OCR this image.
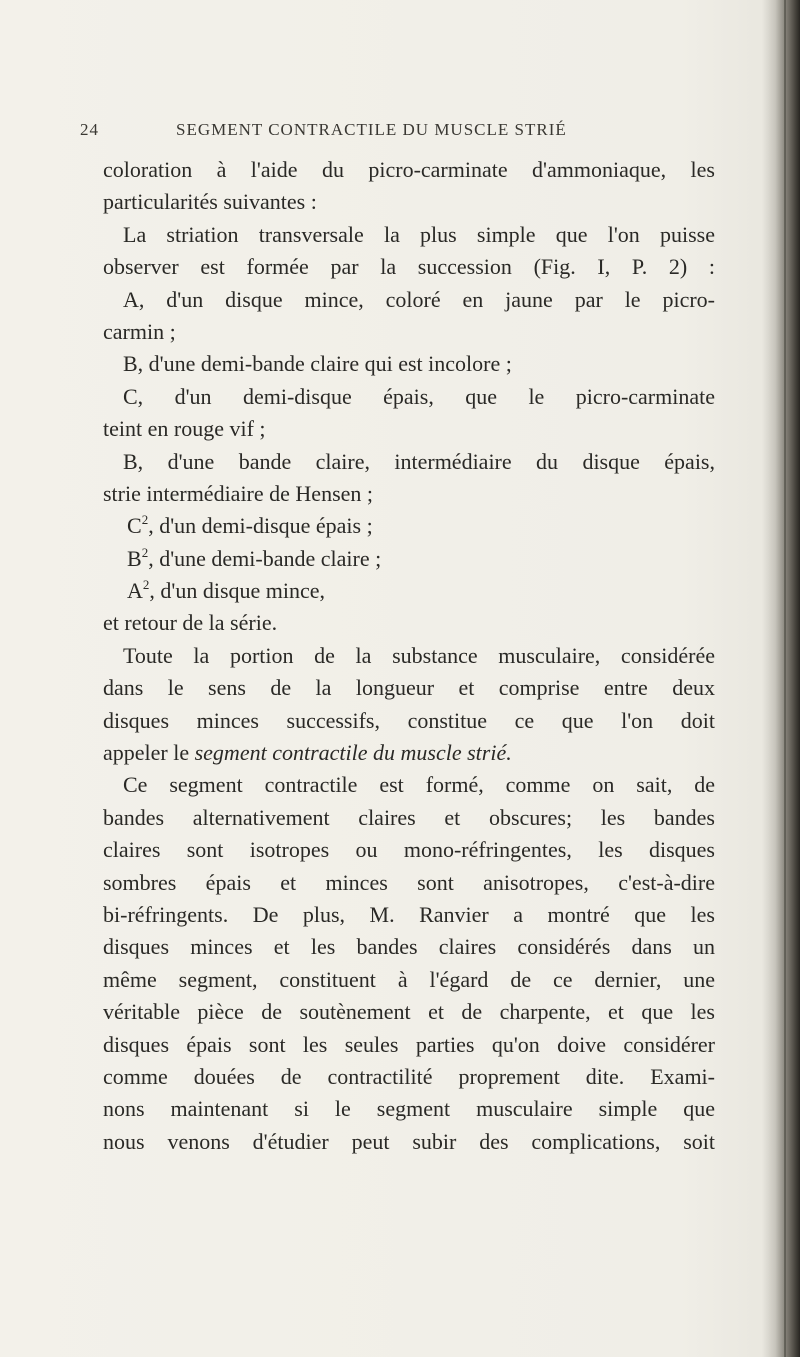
24	SEGMENT CONTRACTILE DU MUSCLE STRIÉ
coloration à l'aide du picro-carminate d'ammoniaque, les
particularités suivantes :
La striation transversale la plus simple que l'on puisse
observer est formée par la succession (Fig. I, P. 2) :
A, d'un disque mince, coloré en jaune par le picro-
carmin ;
B, d'une demi-bande claire qui est incolore ;
C, d'un demi-disque épais, que le picro-carminate
teint en rouge vif ;
B, d'une bande claire, intermédiaire du disque épais,
strie intermédiaire de Hensen ;
$C^2$, d'un demi-disque épais ;
$B^2$, d'une demi-bande claire ;
$A^2$, d'un disque mince,
et retour de la série.
Toute la portion de la substance musculaire, considérée
dans le sens de la longueur et comprise entre deux
disques minces successifs, constitue ce que l'on doit
appeler le segment contractile du muscle strié.
Ce segment contractile est formé, comme on sait, de
bandes alternativement claires et obscures; les bandes
claires sont isotropes ou mono-réfringentes, les disques
sombres épais et minces sont anisotropes, c'est-à-dire
bi-réfringents. De plus, M. Ranvier a montré que les
disques minces et les bandes claires considérés dans un
même segment, constituent à l'égard de ce dernier, une
véritable pièce de soutènement et de charpente, et que les
disques épais sont les seules parties qu'on doive considérer
comme douées de contractilité proprement dite. Exami-
nons maintenant si le segment musculaire simple que
nous venons d'étudier peut subir des complications, soit
